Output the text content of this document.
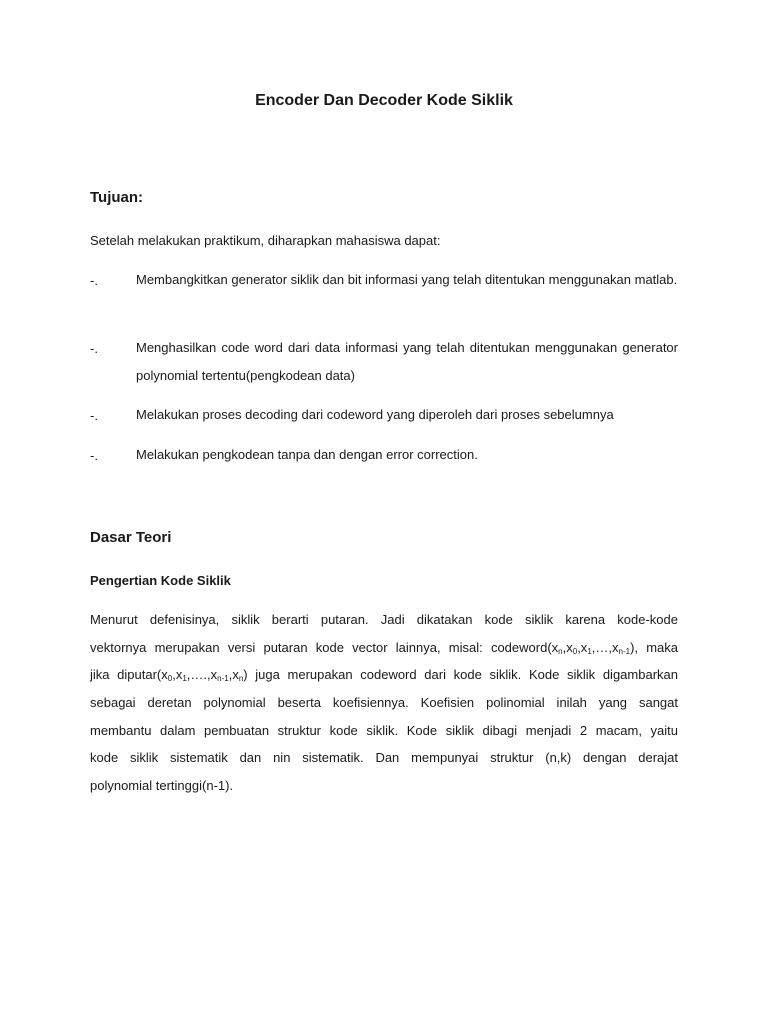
Encoder Dan Decoder Kode Siklik
Tujuan:
Setelah melakukan praktikum, diharapkan mahasiswa dapat:
-.	Membangkitkan generator siklik dan bit informasi yang telah ditentukan menggunakan matlab.
-.	Menghasilkan code word dari data informasi yang telah ditentukan menggunakan generator polynomial tertentu(pengkodean data)
-.	Melakukan proses decoding dari codeword yang diperoleh dari proses sebelumnya
-.	Melakukan pengkodean tanpa dan dengan error correction.
Dasar Teori
Pengertian Kode Siklik
Menurut defenisinya, siklik berarti putaran. Jadi dikatakan kode siklik karena kode-kode
vektornya merupakan versi putaran kode vector lainnya, misal: $codeword(x_n,x_0,x_1,\dots,x_{n-1})$, maka
jika $diputar(x_0,x_1,\dots.,x_{n-1},x_n)$ juga merupakan codeword dari kode siklik. Kode siklik digambarkan
sebagai deretan polynomial beserta koefisiennya. Koefisien polinomial inilah yang sangat
membantu dalam pembuatan struktur kode siklik. Kode siklik dibagi menjadi 2 macam, yaitu
kode siklik sistematik dan nin sistematik. Dan mempunyai struktur (n,k) dengan derajat
polynomial tertinggi(n-1).
